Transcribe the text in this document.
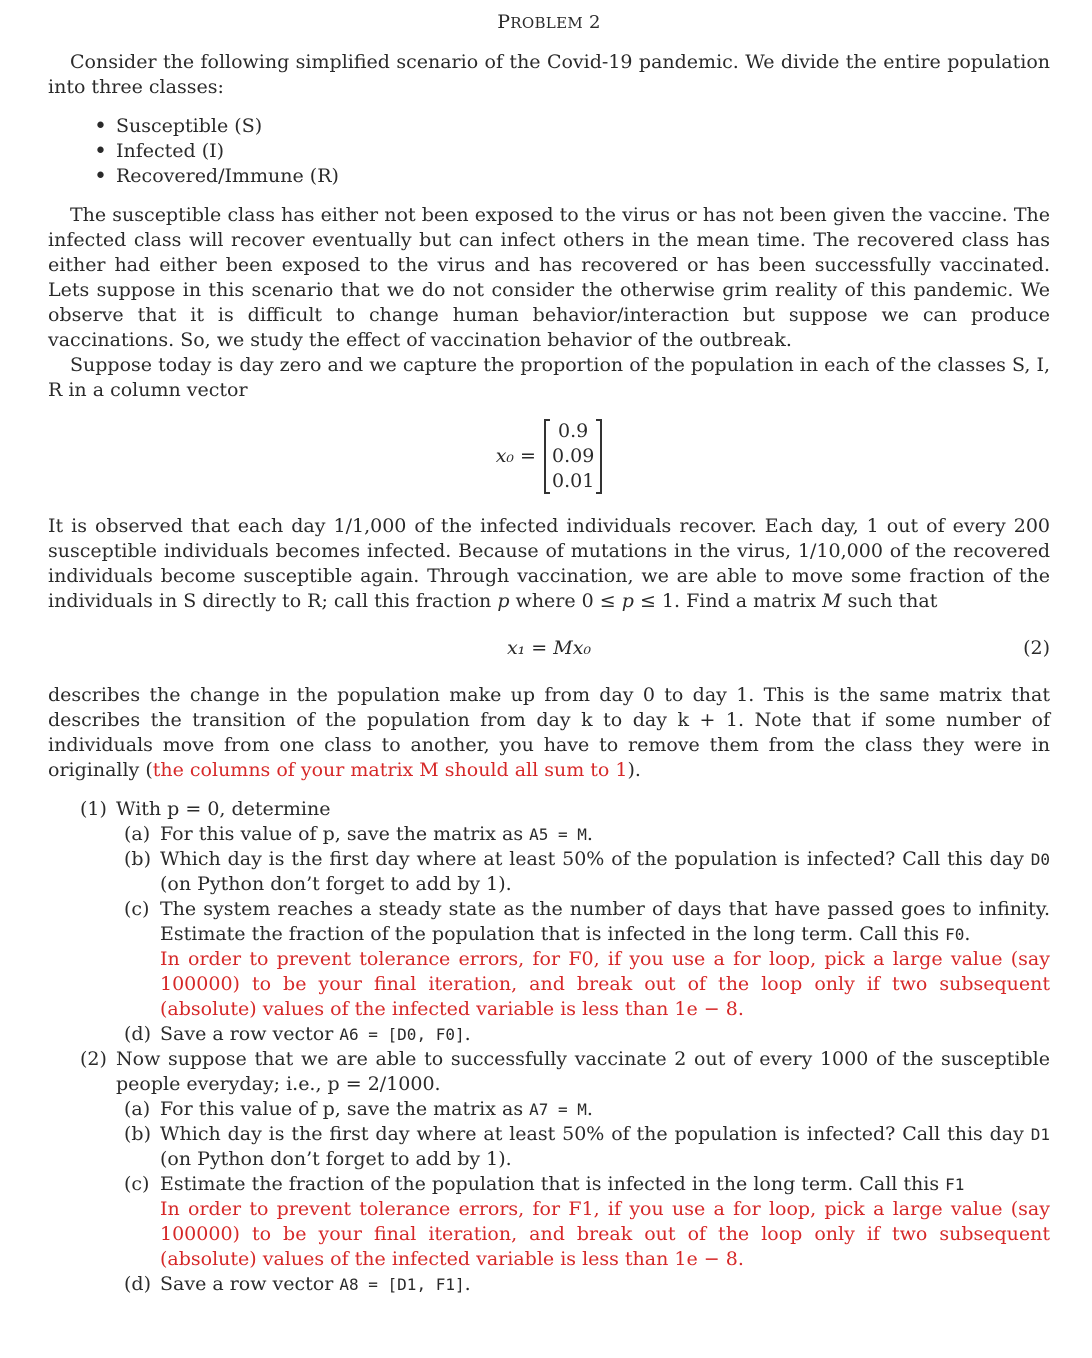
PROBLEM 2

Consider the following simplified scenario of the Covid-19 pandemic. We divide the entire population into three classes:

• Susceptible (S)
• Infected (I)
• Recovered/Immune (R)

The susceptible class has either not been exposed to the virus or has not been given the vaccine. The infected class will recover eventually but can infect others in the mean time. The recovered class has either had either been exposed to the virus and has recovered or has been successfully vaccinated. Lets suppose in this scenario that we do not consider the otherwise grim reality of this pandemic. We observe that it is difficult to change human behavior/interaction but suppose we can produce vaccinations. So, we study the effect of vaccination behavior of the outbreak.

Suppose today is day zero and we capture the proportion of the population in each of the classes S, I, R in a column vector

x₀ =
0.9
0.09
0.01

It is observed that each day 1/1,000 of the infected individuals recover. Each day, 1 out of every 200 susceptible individuals becomes infected. Because of mutations in the virus, 1/10,000 of the recovered individuals become susceptible again. Through vaccination, we are able to move some fraction of the individuals in S directly to R; call this fraction p where 0 ≤ p ≤ 1. Find a matrix M such that

x₁ = Mx₀	(2)

describes the change in the population make up from day 0 to day 1. This is the same matrix that describes the transition of the population from day k to day k + 1. Note that if some number of individuals move from one class to another, you have to remove them from the class they were in originally (the columns of your matrix M should all sum to 1).

(1) With p = 0, determine
(a) For this value of p, save the matrix as A5 = M.
(b) Which day is the first day where at least 50% of the population is infected? Call this day D0 (on Python don’t forget to add by 1).
(c) The system reaches a steady state as the number of days that have passed goes to infinity. Estimate the fraction of the population that is infected in the long term. Call this F0.
In order to prevent tolerance errors, for F0, if you use a for loop, pick a large value (say 100000) to be your final iteration, and break out of the loop only if two subsequent (absolute) values of the infected variable is less than 1e − 8.
(d) Save a row vector A6 = [D0, F0].
(2) Now suppose that we are able to successfully vaccinate 2 out of every 1000 of the susceptible people everyday; i.e., p = 2/1000.
(a) For this value of p, save the matrix as A7 = M.
(b) Which day is the first day where at least 50% of the population is infected? Call this day D1 (on Python don’t forget to add by 1).
(c) Estimate the fraction of the population that is infected in the long term. Call this F1
In order to prevent tolerance errors, for F1, if you use a for loop, pick a large value (say 100000) to be your final iteration, and break out of the loop only if two subsequent (absolute) values of the infected variable is less than 1e − 8.
(d) Save a row vector A8 = [D1, F1].
